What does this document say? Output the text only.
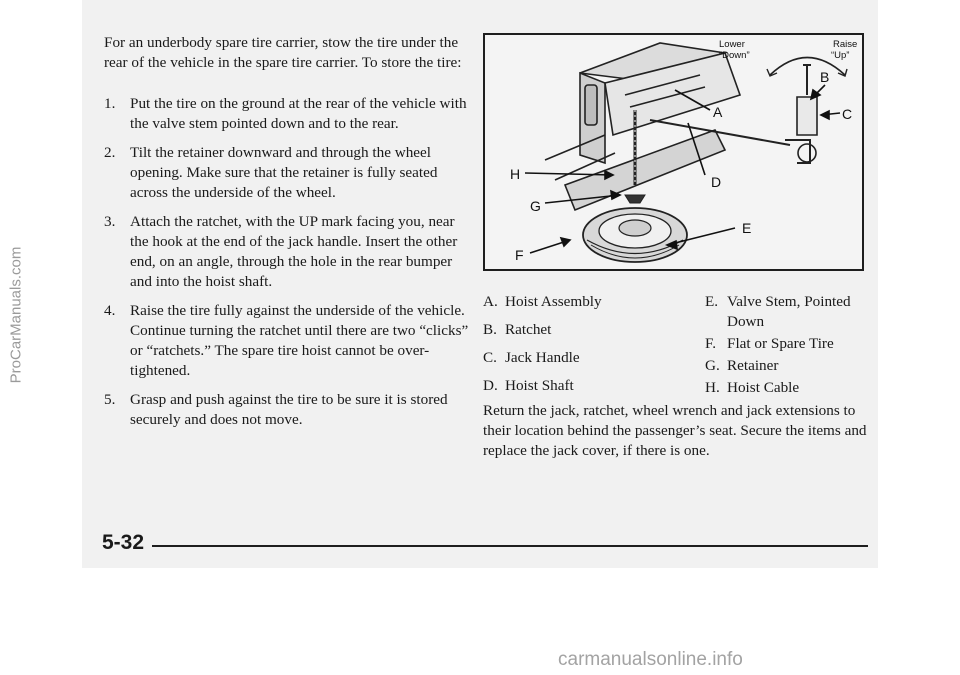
For an underbody spare tire carrier, stow the tire under the rear of the vehicle in the spare tire carrier. To store the tire:

1. Put the tire on the ground at the rear of the vehicle with the valve stem pointed down and to the rear.
2. Tilt the retainer downward and through the wheel opening. Make sure that the retainer is fully seated across the underside of the wheel.
3. Attach the ratchet, with the UP mark facing you, near the hook at the end of the jack handle. Insert the other end, on an angle, through the hole in the rear bumper and into the hoist shaft.
4. Raise the tire fully against the underside of the vehicle. Continue turning the ratchet until there are two “clicks” or “ratchets.” The spare tire hoist cannot be over-tightened.
5. Grasp and push against the tire to be sure it is stored securely and does not move.
A
B
C
D
E
F
G
H
Lower
“Down”
Raise
“Up”
A. Hoist Assembly
B. Ratchet
C. Jack Handle
D. Hoist Shaft
E. Valve Stem, Pointed Down
F. Flat or Spare Tire
G. Retainer
H. Hoist Cable

Return the jack, ratchet, wheel wrench and jack extensions to their location behind the passenger’s seat. Secure the items and replace the jack cover, if there is one.

5-32
ProCarManuals.com
carmanualsonline.info
